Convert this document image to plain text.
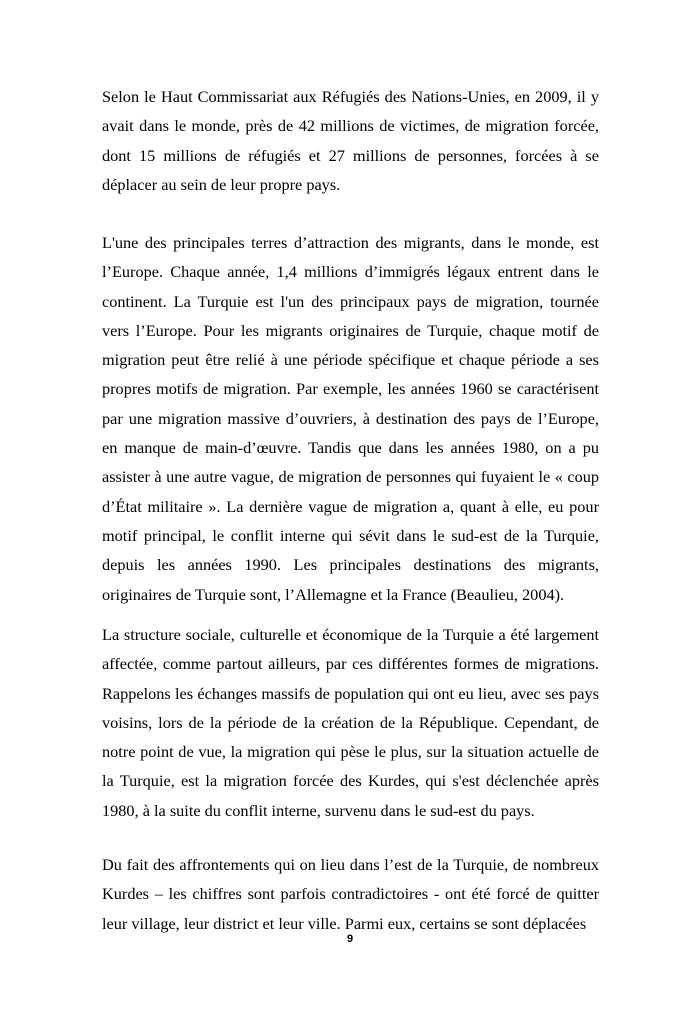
Selon le Haut Commissariat aux Réfugiés des Nations-Unies, en 2009, il y avait dans le monde, près de 42 millions de victimes, de migration forcée, dont 15 millions de réfugiés et 27 millions de personnes, forcées à se déplacer au sein de leur propre pays.

L'une des principales terres d’attraction des migrants, dans le monde, est l’Europe. Chaque année, 1,4 millions d’immigrés légaux entrent dans le continent. La Turquie est l'un des principaux pays de migration, tournée vers l’Europe. Pour les migrants originaires de Turquie, chaque motif de migration peut être relié à une période spécifique et chaque période a ses propres motifs de migration. Par exemple, les années 1960 se caractérisent par une migration massive d’ouvriers, à destination des pays de l’Europe, en manque de main-d’œuvre. Tandis que dans les années 1980, on a pu assister à une autre vague, de migration de personnes qui fuyaient le « coup d’État militaire ». La dernière vague de migration a, quant à elle, eu pour motif principal, le conflit interne qui sévit dans le sud-est de la Turquie, depuis les années 1990. Les principales destinations des migrants, originaires de Turquie sont, l’Allemagne et la France (Beaulieu, 2004).

La structure sociale, culturelle et économique de la Turquie a été largement affectée, comme partout ailleurs, par ces différentes formes de migrations. Rappelons les échanges massifs de population qui ont eu lieu, avec ses pays voisins, lors de la période de la création de la République. Cependant, de notre point de vue, la migration qui pèse le plus, sur la situation actuelle de la Turquie, est la migration forcée des Kurdes, qui s'est déclenchée après 1980, à la suite du conflit interne, survenu dans le sud-est du pays.

Du fait des affrontements qui on lieu dans l’est de la Turquie, de nombreux Kurdes – les chiffres sont parfois contradictoires - ont été forcé de quitter leur village, leur district et leur ville. Parmi eux, certains se sont déplacées

9
